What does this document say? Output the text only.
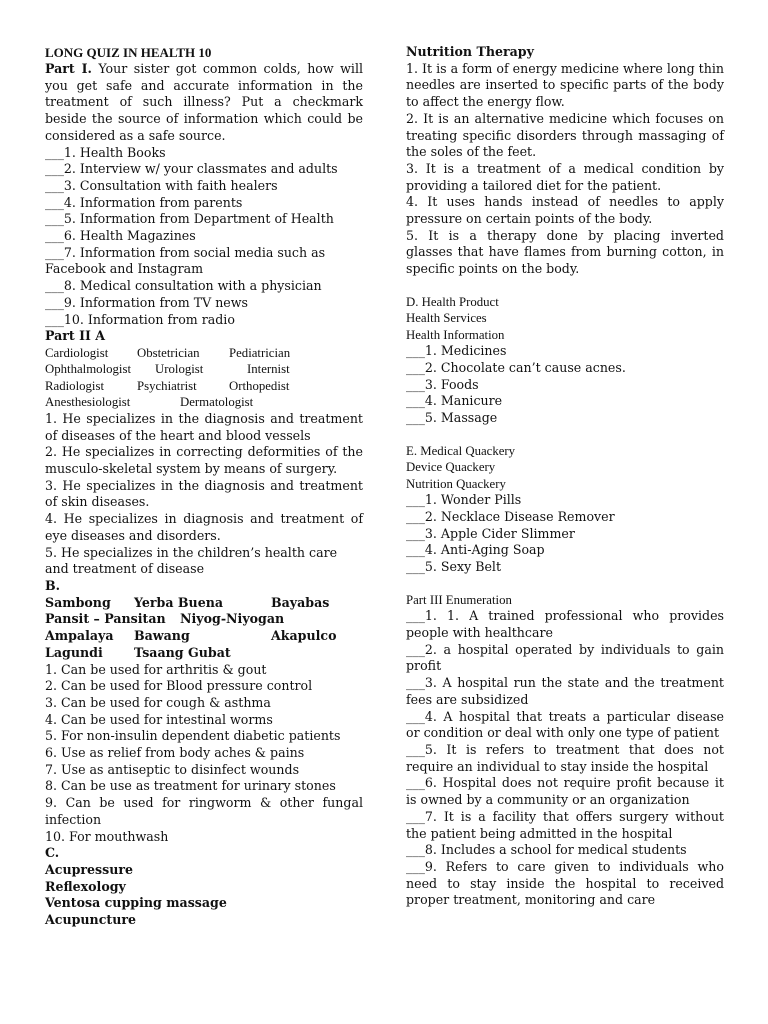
LONG QUIZ IN HEALTH 10

Part I. Your sister got common colds, how will you get safe and accurate information in the treatment of such illness? Put a checkmark beside the source of information which could be considered as a safe source.

___1. Health Books

___2. Interview w/ your classmates and adults

___3. Consultation with faith healers

___4. Information from parents

___5. Information from Department of Health

___6. Health Magazines

___7. Information from social media such as Facebook and Instagram

___8. Medical consultation with a physician

___9. Information from TV news

___10. Information from radio

Part II A
Cardiologist	Obstetrician	Pediatrician
Ophthalmologist	Urologist	Internist
Radiologist	Psychiatrist	Orthopedist
Anesthesiologist	Dermatologist

1. He specializes in the diagnosis and treatment of diseases of the heart and blood vessels

2. He specializes in correcting deformities of the musculo-skeletal system by means of surgery.

3. He specializes in the diagnosis and treatment of skin diseases.

4. He specializes in diagnosis and treatment of eye diseases and disorders.

5. He specializes in the children’s health care and treatment of disease

B.
Sambong	Yerba Buena	Bayabas
Pansit – Pansitan	Niyog-Niyogan
Ampalaya	Bawang	Akapulco
Lagundi	Tsaang Gubat

1. Can be used for arthritis & gout

2. Can be used for Blood pressure control

3. Can be used for cough & asthma

4. Can be used for intestinal worms

5. For non-insulin dependent diabetic patients

6. Use as relief from body aches & pains

7. Use as antiseptic to disinfect wounds

8. Can be use as treatment for urinary stones

9. Can be used for ringworm & other fungal infection

10. For mouthwash

C.
Acupressure
Reflexology
Ventosa cupping massage
Acupuncture
Nutrition Therapy

1. It is a form of energy medicine where long thin needles are inserted to specific parts of the body to affect the energy flow.

2. It is an alternative medicine which focuses on treating specific disorders through massaging of the soles of the feet.

3. It is a treatment of a medical condition by providing a tailored diet for the patient.

4. It uses hands instead of needles to apply pressure on certain points of the body.

5. It is a therapy done by placing inverted glasses that have flames from burning cotton, in specific points on the body.

D. Health Product
Health Services
Health Information

___1. Medicines

___2. Chocolate can’t cause acnes.

___3. Foods

___4. Manicure

___5. Massage

E. Medical Quackery
Device Quackery
Nutrition Quackery

___1. Wonder Pills

___2. Necklace Disease Remover

___3. Apple Cider Slimmer

___4. Anti-Aging Soap

___5. Sexy Belt

Part III Enumeration

___1. 1. A trained professional who provides people with healthcare

___2. a hospital operated by individuals to gain profit

___3. A hospital run the state and the treatment fees are subsidized

___4. A hospital that treats a particular disease or condition or deal with only one type of patient

___5. It is refers to treatment that does not require an individual to stay inside the hospital

___6. Hospital does not require profit because it is owned by a community or an organization

___7. It is a facility that offers surgery without the patient being admitted in the hospital

___8. Includes a school for medical students

___9. Refers to care given to individuals who need to stay inside the hospital to received proper treatment, monitoring and care
